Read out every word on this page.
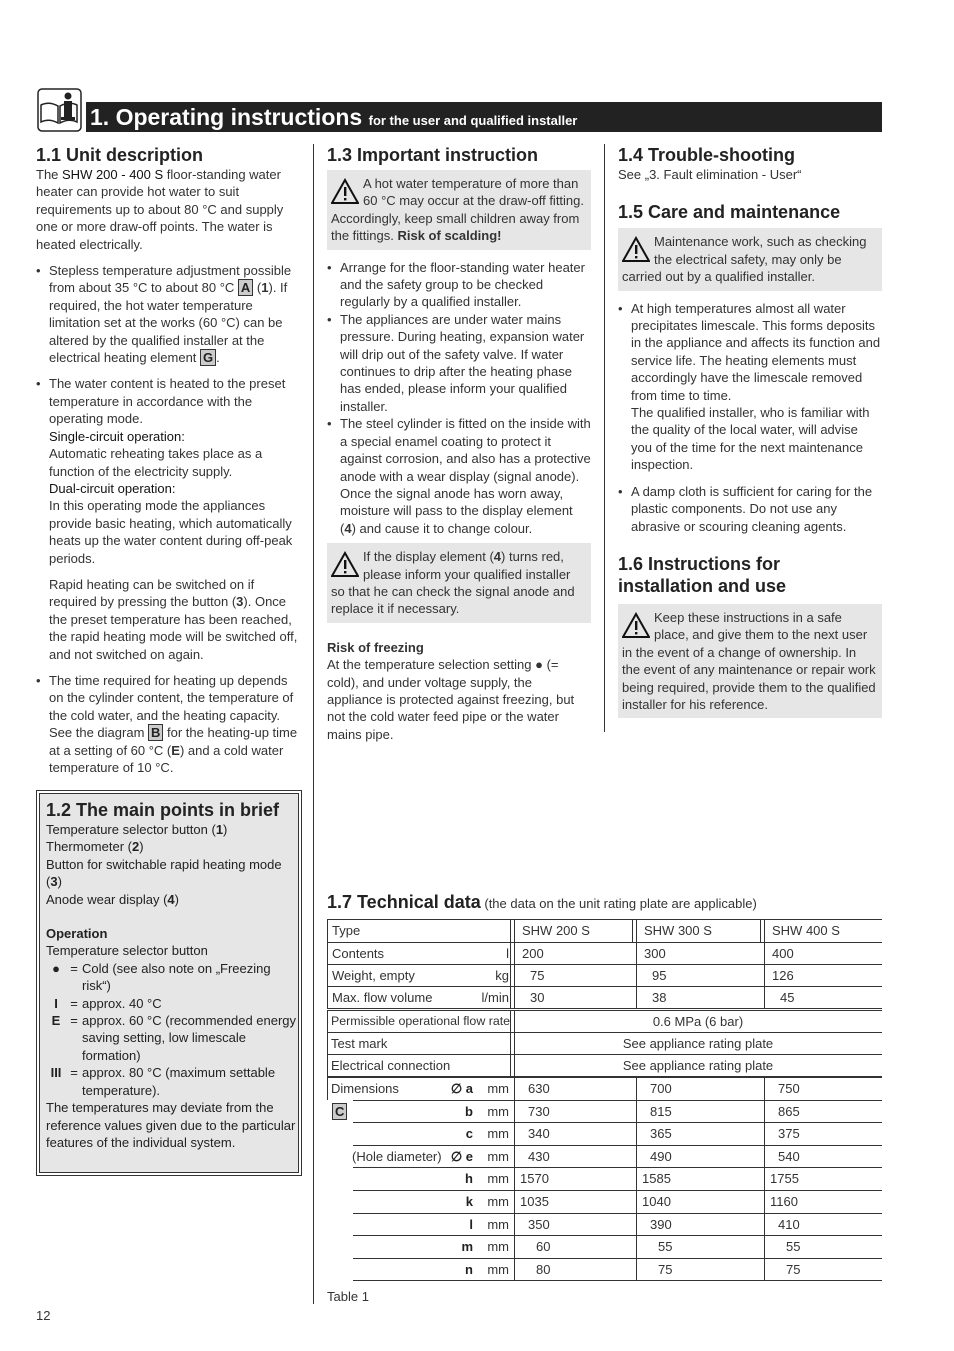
1. Operating instructions for the user and qualified installer
1.1 Unit description

The SHW 200 - 400 S floor-standing water heater can provide hot water to suit requirements up to about 80 °C and supply one or more draw-off points. The water is heated electrically.

• Stepless temperature adjustment possible from about 35 °C to about 80 °C A (1). If required, the hot water temperature limitation set at the works (60 °C) can be altered by the qualified installer at the electrical heating element G .
• The water content is heated to the preset temperature in accordance with the operating mode.
Single-circuit operation:
Automatic reheating takes place as a function of the electricity supply.
Dual-circuit operation:
In this operating mode the appliances provide basic heating, which automatically heats up the water content during off-peak periods.
Rapid heating can be switched on if required by pressing the button (3). Once the preset temperature has been reached, the rapid heating mode will be switched off, and not switched on again.
• The time required for heating up depends on the cylinder content, the temperature of the cold water, and the heating capacity. See the diagram B for the heating-up time at a setting of 60 °C (E) and a cold water temperature of 10 °C.
1.2 The main points in brief
Temperature selector button (1)
Thermometer (2)
Button for switchable rapid heating mode (3)
Anode wear display (4)
Operation
Temperature selector button
● = Cold (see also note on „Freezing risk“)
I = approx. 40 °C
E = approx. 60 °C (recommended energy saving setting, low limescale formation)
III = approx. 80 °C (maximum settable temperature).
The temperatures may deviate from the reference values given due to the particular features of the individual system.
1.3 Important instruction
A hot water temperature of more than 60 °C may occur at the draw-off fitting.
Accordingly, keep small children away from the fittings. Risk of scalding!
• Arrange for the floor-standing water heater and the safety group to be checked regularly by a qualified installer.
• The appliances are under water mains pressure. During heating, expansion water will drip out of the safety valve. If water continues to drip after the heating phase has ended, please inform your qualified installer.
• The steel cylinder is fitted on the inside with a special enamel coating to protect it against corrosion, and also has a protective anode with a wear display (signal anode). Once the signal anode has worn away, moisture will pass to the display element (4) and cause it to change colour.
If the display element (4) turns red, please inform your qualified installer so that he can check the signal anode and replace it if necessary.
Risk of freezing
At the temperature selection setting ● (= cold), and under voltage supply, the appliance is protected against freezing, but not the cold water feed pipe or the water mains pipe.
1.4 Trouble-shooting

See „3. Fault elimination - User“

1.5 Care and maintenance
Maintenance work, such as checking the electrical safety, may only be carried out by a qualified installer.
• At high temperatures almost all water precipitates limescale. This forms deposits in the appliance and affects its function and service life. The heating elements must accordingly have the limescale removed from time to time.
The qualified installer, who is familiar with the quality of the local water, will advise you of the time for the next maintenance inspection.
• A damp cloth is sufficient for caring for the plastic components. Do not use any abrasive or scouring cleaning agents.
1.6 Instructions for
installation and use
Keep these instructions in a safe place, and give them to the next user in the event of a change of ownership. In the event of any maintenance or repair work being required, provide them to the qualified installer for his reference.
1.7 Technical data (the data on the unit rating plate are applicable)
Type	SHW 200 S	SHW 300 S	SHW 400 S
Contents	l 200	300	400
Weight, empty	kg 75	95	126
Max. flow volume	l/min 30	38	45
Permissible operational flow rate	0.6 MPa (6 bar)
Test mark	See appliance rating plate
Electrical connection	See appliance rating plate
Dimensions	∅ a	mm 630	700	750
b	mm 730	815	865
c	mm 340	365	375
(Hole diameter) ∅ e	mm 430	490	540
h	mm 1570	1585	1755
k	mm 1035	1040	1160
l	mm 350	390	410
m	mm 60	55	55
n	mm 80	75	75
C
Table 1
12
